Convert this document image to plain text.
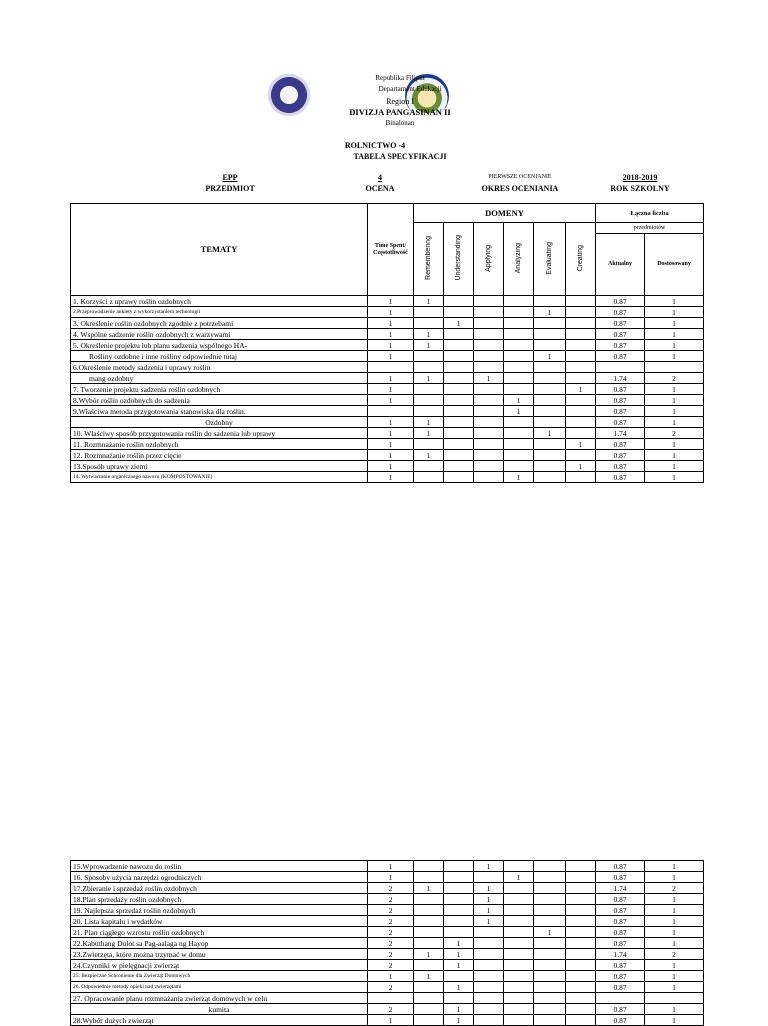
Republika Filipin
Departament Edukacji
Region I
DIVIZJA PANGASINAN II
Binalonan
ROLNICTWO -4
TABELA SPECYFIKACJI
EPP
PRZEDMIOT
4
OCENA
PIERWSZE OCENIANIE
OKRES OCENIANIA
2018-2019
ROK SZKOLNY
TEMATY	Time Spent/ Częstotliwość	DOMENY						Łączna liczba	
		Remembering	Understanding	Applying	Analyzing	Evaluating	Creating	przedmiotów	
								Aktualny	Dostosowany
1. Korzyści z uprawy roślin ozdobnych	1	1						0.87	1
2.Przeprowadzenie ankiety z wykorzystaniem technologii	1					1		0.87	1
3. Określenie roślin ozdobnych zgodnie z potrzebami	1		1					0.87	1
4. Wspólne sadzenie roślin ozdobnych z warzywami	1	1						0.87	1
5. Określenie projektu lub planu sadzenia wspólnego HA-	1	1						0.87	1
Rośliny ozdobne i inne rośliny odpowiednie tutaj	1					1		0.87	1
6.Określenie metody sadzenia i uprawy roślin									
mang ozdobny	1	1		1				1.74	2
7. Tworzenie projektu sadzenia roślin ozdobnych	1						1	0.87	1
8.Wybór roślin ozdobnych do sadzenia	1				1			0.87	1
9.Właściwa metoda przygotowania stanowiska dla roślin.					1			0.87	1
Ozdobny	1	1						0.87	1
10. Właściwy sposób przygotowania roślin do sadzenia lub uprawy	1	1				1		1.74	2
11. Rozmnażanie roślin ozdobnych	1						1	0.87	1
12. Rozmnażanie roślin przez cięcie	1	1						0.87	1
13.Sposób uprawy ziemi	1						1	0.87	1
14. Wytwarzanie organicznego nawozu (KOMPOSTOWANIE)	1				1			0.87	1
15.Wprowadzenie nawozu do roślin	1			1				0.87	1
16. Sposoby użycia narzędzi ogrodniczych	1				1			0.87	1
17.Zbieranie i sprzedaż roślin ozdobnych	2	1		1				1.74	2
18.Plan sprzedaży roślin ozdobnych	2			1				0.87	1
19. Najlepsza sprzedaż roślin ozdobnych	2			1				0.87	1
20. Lista kapitału i wydatków	2			1				0.87	1
21. Plan ciągłego wzrostu roślin ozdobnych	2					1		0.87	1
22.Kabuthang Dulot sa Pag-aalaga ng Hayop	2		1					0.87	1
23.Zwierzęta, które można trzymać w domu	2	1	1					1.74	2
24.Czynniki w pielęgnacji zwierząt	2		1					0.87	1
25. Bezpieczne Schronienie dla Zwierząt Domowych	1	1						0.87	1
26. Odpowiednie metody opieki nad zwierzętami	2		1					0.87	1
27. Opracowanie planu rozmnażania zwierząt domowych w celu									
kumita	2		1					0.87	1
28.Wybór dużych zwierząt	1		1					0.87	1
